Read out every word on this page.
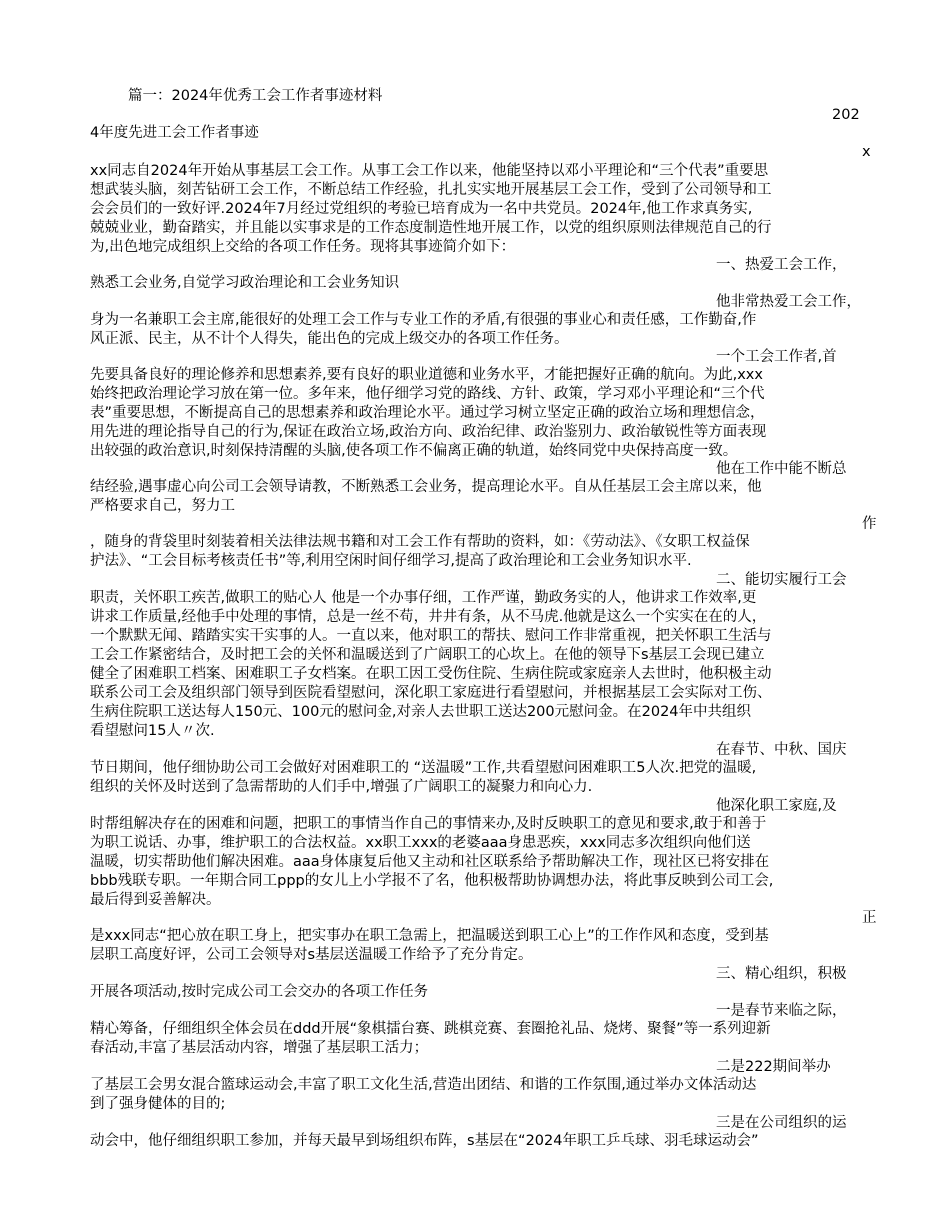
篇一：2024年优秀工会工作者事迹材料
202
4年度先进工会工作者事迹
x
xx同志自2024年开始从事基层工会工作。从事工会工作以来，他能坚持以邓小平理论和“三个代表”重要思
想武装头脑，刻苦钻研工会工作，不断总结工作经验，扎扎实实地开展基层工会工作，受到了公司领导和工
会会员们的一致好评.2024年7月经过党组织的考验已培育成为一名中共党员。2024年,他工作求真务实,
兢兢业业，勤奋踏实，并且能以实事求是的工作态度制造性地开展工作，以党的组织原则法律规范自己的行
为,出色地完成组织上交给的各项工作任务。现将其事迹简介如下：
一、热爱工会工作，
熟悉工会业务,自觉学习政治理论和工会业务知识
他非常热爱工会工作，
身为一名兼职工会主席,能很好的处理工会工作与专业工作的矛盾,有很强的事业心和责任感，工作勤奋,作
风正派、民主，从不计个人得失，能出色的完成上级交办的各项工作任务。
一个工会工作者,首
先要具备良好的理论修养和思想素养,要有良好的职业道德和业务水平，才能把握好正确的航向。为此,xxx
始终把政治理论学习放在第一位。多年来，他仔细学习党的路线、方针、政策，学习邓小平理论和“三个代
表”重要思想，不断提高自己的思想素养和政治理论水平。通过学习树立坚定正确的政治立场和理想信念，
用先进的理论指导自己的行为,保证在政治立场,政治方向、政治纪律、政治鉴别力、政治敏锐性等方面表现
出较强的政治意识,时刻保持清醒的头脑,使各项工作不偏离正确的轨道，始终同党中央保持高度一致。
他在工作中能不断总
结经验,遇事虚心向公司工会领导请教，不断熟悉工会业务，提高理论水平。自从任基层工会主席以来，他
严格要求自己，努力工
作
，随身的背袋里时刻装着相关法律法规书籍和对工会工作有帮助的资料，如：《劳动法》、《女职工权益保
护法》、“工会目标考核责任书”等,利用空闲时间仔细学习,提高了政治理论和工会业务知识水平.
二、能切实履行工会
职责，关怀职工疾苦,做职工的贴心人 他是一个办事仔细，工作严谨，勤政务实的人，他讲求工作效率,更
讲求工作质量,经他手中处理的事情，总是一丝不苟，井井有条，从不马虎.他就是这么一个实实在在的人，
一个默默无闻、踏踏实实干实事的人。一直以来，他对职工的帮扶、慰问工作非常重视，把关怀职工生活与
工会工作紧密结合，及时把工会的关怀和温暖送到了广阔职工的心坎上。在他的领导下s基层工会现已建立
健全了困难职工档案、困难职工子女档案。在职工因工受伤住院、生病住院或家庭亲人去世时，他积极主动
联系公司工会及组织部门领导到医院看望慰问，深化职工家庭进行看望慰问，并根据基层工会实际对工伤、
生病住院职工送达每人150元、100元的慰问金,对亲人去世职工送达200元慰问金。在2024年中共组织
看望慰问15人〃次.
在春节、中秋、国庆
节日期间，他仔细协助公司工会做好对困难职工的 “送温暖”工作,共看望慰问困难职工5人次.把党的温暖,
组织的关怀及时送到了急需帮助的人们手中,增强了广阔职工的凝聚力和向心力.
他深化职工家庭,及
时帮组解决存在的困难和问题，把职工的事情当作自己的事情来办,及时反映职工的意见和要求,敢于和善于
为职工说话、办事，维护职工的合法权益。xx职工xxx的老婆aaa身患恶疾，xxx同志多次组织向他们送
温暖，切实帮助他们解决困难。aaa身体康复后他又主动和社区联系给予帮助解决工作，现社区已将安排在
bbb残联专职。一年期合同工ppp的女儿上小学报不了名，他积极帮助协调想办法，将此事反映到公司工会,
最后得到妥善解决。
正
是xxx同志“把心放在职工身上，把实事办在职工急需上，把温暖送到职工心上”的工作作风和态度，受到基
层职工高度好评，公司工会领导对s基层送温暖工作给予了充分肯定。
三、精心组织，积极
开展各项活动,按时完成公司工会交办的各项工作任务
一是春节来临之际，
精心筹备，仔细组织全体会员在ddd开展“象棋擂台赛、跳棋竞赛、套圈抢礼品、烧烤、聚餐”等一系列迎新
春活动,丰富了基层活动内容，增强了基层职工活力；
二是222期间举办
了基层工会男女混合篮球运动会,丰富了职工文化生活,营造出团结、和谐的工作氛围,通过举办文体活动达
到了强身健体的目的;
三是在公司组织的运
动会中，他仔细组织职工参加，并每天最早到场组织布阵，s基层在“2024年职工乒乓球、羽毛球运动会”
